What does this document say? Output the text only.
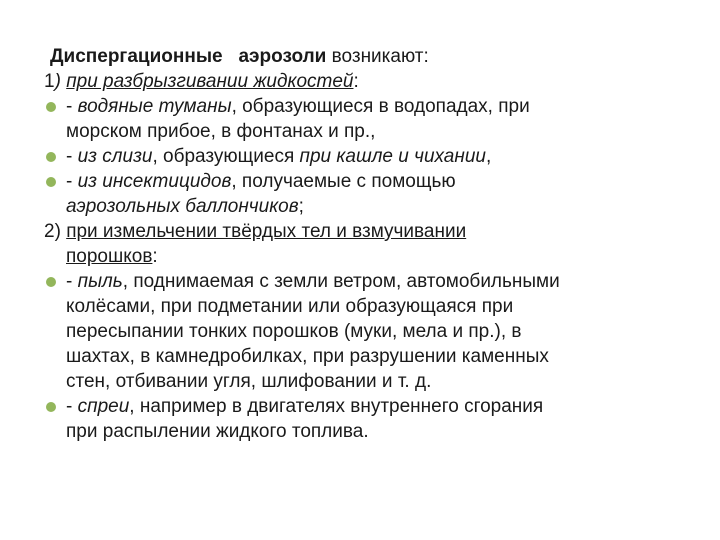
Диспергационные аэрозоли возникают:
1) при разбрызгивании жидкостей:
- водяные туманы, образующиеся в водопадах, при
морском прибое, в фонтанах и пр.,
- из слизи, образующиеся при кашле и чихании,
- из инсектицидов, получаемые с помощью
аэрозольных баллончиков;
2) при измельчении твёрдых тел и взмучивании
порошков:
- пыль, поднимаемая с земли ветром, автомобильными
колёсами, при подметании или образующаяся при
пересыпании тонких порошков (муки, мела и пр.), в
шахтах, в камнедробилках, при разрушении каменных
стен, отбивании угля, шлифовании и т. д.
- спреи, например в двигателях внутреннего сгорания
при распылении жидкого топлива.
